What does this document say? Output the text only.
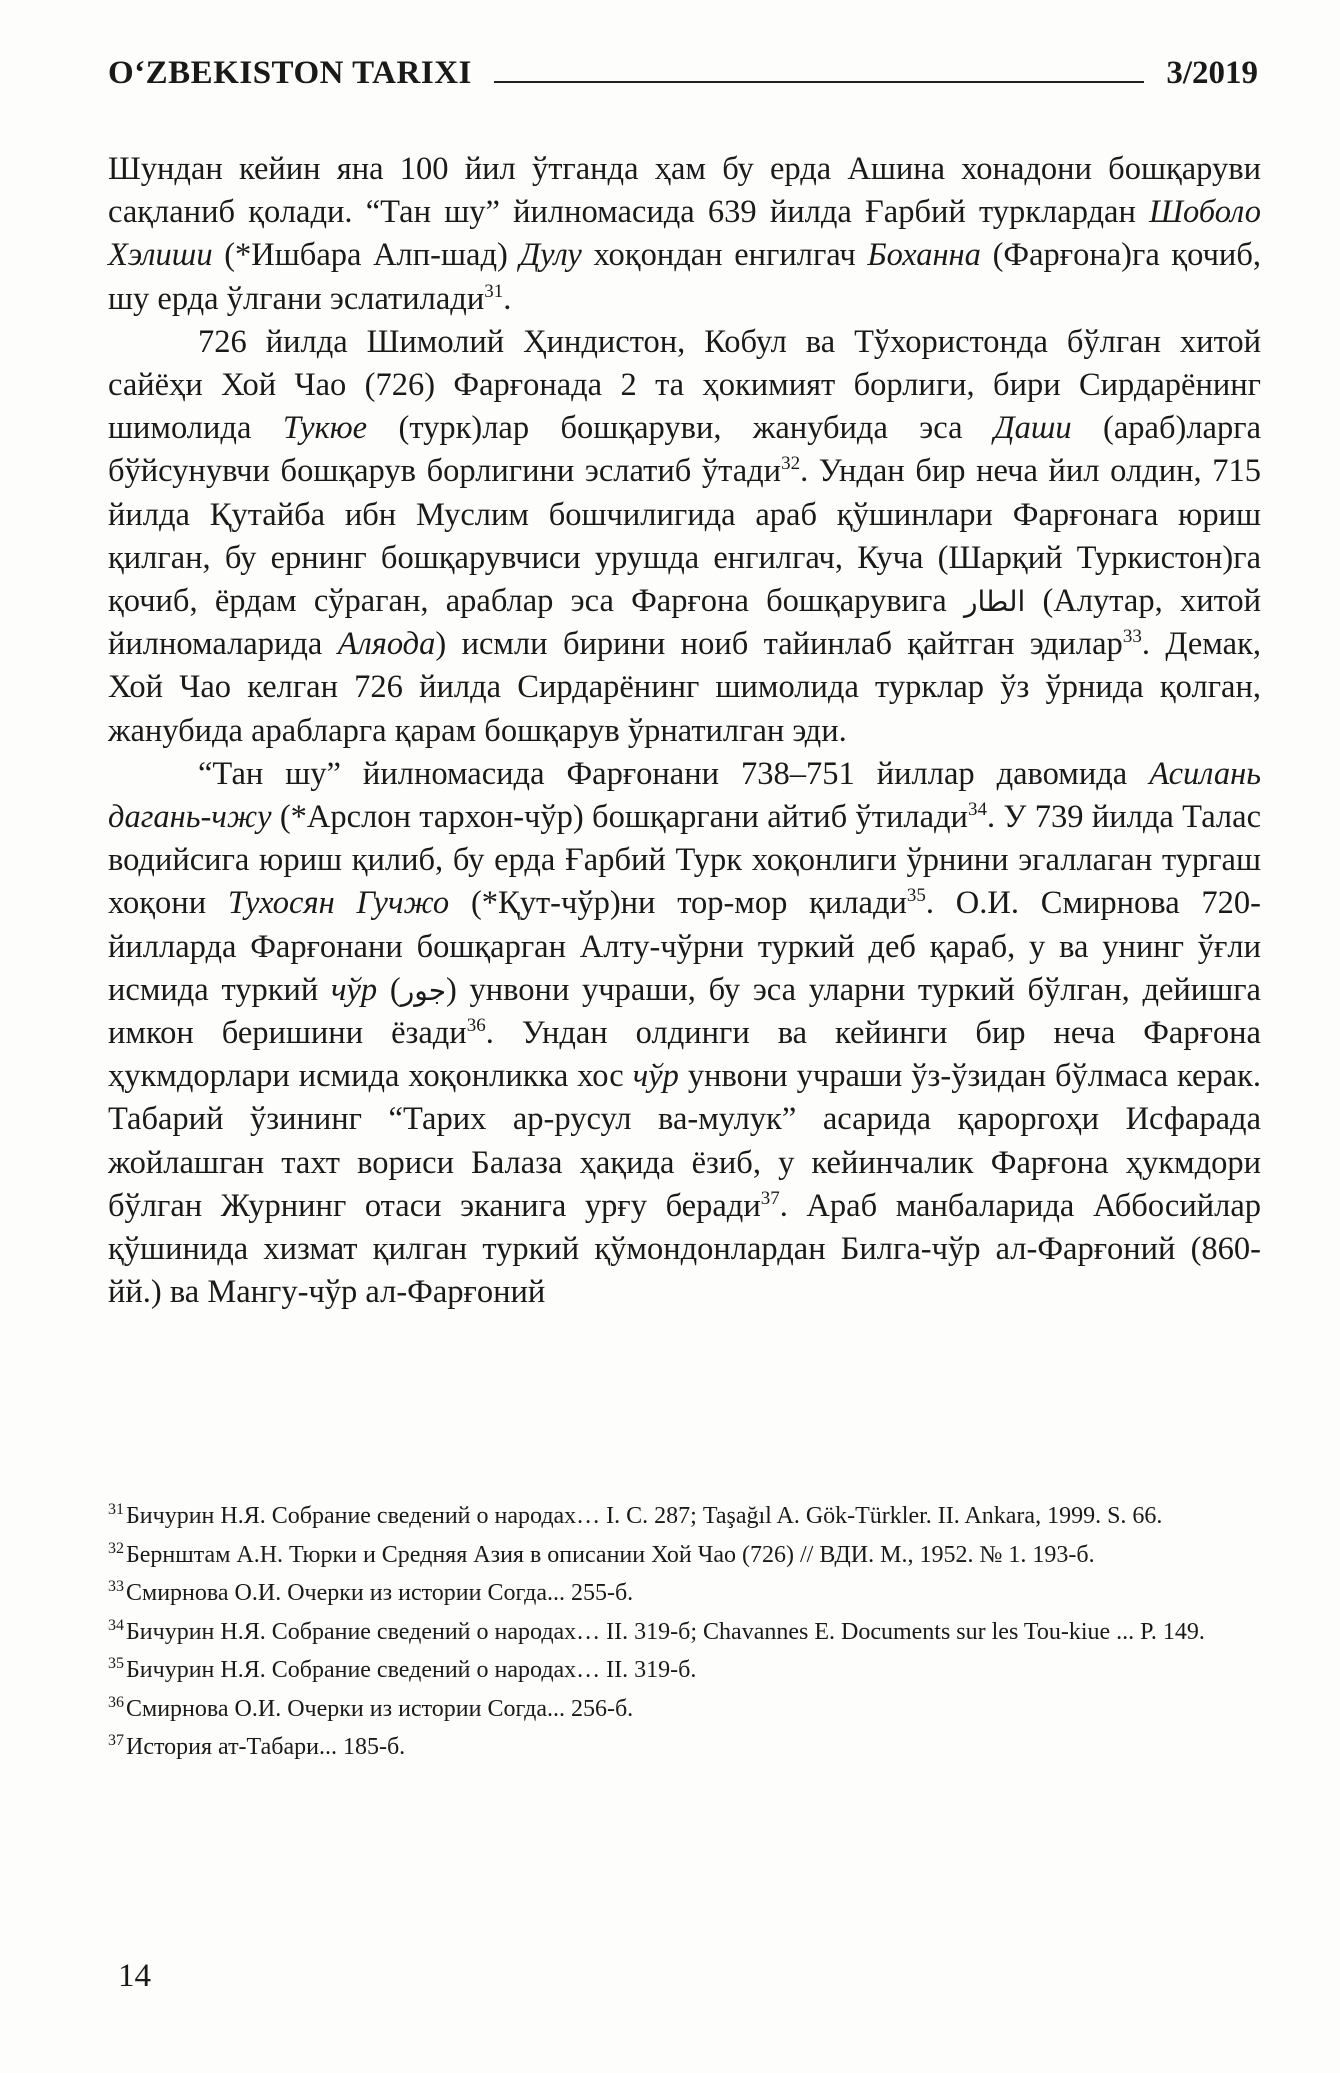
O‘ZBEKISTON TARIXI	3/2019

Шундан кейин яна 100 йил ўтганда ҳам бу ерда Ашина хонадони бошқаруви сақланиб қолади. “Тан шу” йилномасида 639 йилда Ғарбий турклардан Шоболо Хэлиши (*Ишбара Алп-шад) Дулу хоқондан енгилгач Боханна (Фарғона)га қочиб, шу ерда ўлгани эслатилади$^{31}$.

726 йилда Шимолий Ҳиндистон, Кобул ва Тўхористонда бўлган хитой сайёҳи Хой Чао (726) Фарғонада 2 та ҳокимият борлиги, бири Сирдарёнинг шимолида Тукюе (турк)лар бошқаруви, жанубида эса Даши (араб)ларга бўйсунувчи бошқарув борлигини эслатиб ўтади$^{32}$. Ундан бир неча йил олдин, 715 йилда Қутайба ибн Муслим бошчилигида араб қўшинлари Фарғонага юриш қилган, бу ернинг бошқарувчиси урушда енгилгач, Куча (Шарқий Туркистон)га қочиб, ёрдам сўраган, араблар эса Фарғона бошқарувига الطار (Алутар, хитой йилномаларида Аляода) исмли бирини ноиб тайинлаб қайтган эдилар$^{33}$. Демак, Хой Чао келган 726 йилда Сирдарёнинг шимолида турклар ўз ўрнида қолган, жанубида арабларга қарам бошқарув ўрнатилган эди.

“Тан шу” йилномасида Фарғонани 738–751 йиллар давомида Асилань дагань-чжу (*Арслон тархон-чўр) бошқаргани айтиб ўтилади$^{34}$. У 739 йилда Талас водийсига юриш қилиб, бу ерда Ғарбий Турк хоқонлиги ўрнини эгаллаган тургаш хоқони Тухосян Гучжо (*Қут-чўр)ни тор-мор қилади$^{35}$. О.И. Смирнова 720- йилларда Фарғонани бошқарган Алту-чўрни туркий деб қараб, у ва унинг ўғли исмида туркий чўр (جور) унвони учраши, бу эса уларни туркий бўлган, дейишга имкон беришини ёзади$^{36}$. Ундан олдинги ва кейинги бир неча Фарғона ҳукмдорлари исмида хоқонликка хос чўр унвони учраши ўз-ўзидан бўлмаса керак. Табарий ўзининг “Тарих ар-русул ва-мулук” асарида қароргоҳи Исфарада жойлашган тахт вориси Балаза ҳақида ёзиб, у кейинчалик Фарғона ҳукмдори бўлган Журнинг отаси эканига урғу беради$^{37}$. Араб манбаларида Аббосийлар қўшинида хизмат қилган туркий қўмондонлардан Билга-чўр ал-Фарғоний (860-йй.) ва Мангу-чўр ал-Фарғоний

$^{31}$Бичурин Н.Я. Собрание сведений о народах… I. С. 287; Taşağıl A. Gök-Türkler. II. Ankara, 1999. S. 66.
$^{32}$Бернштам А.Н. Тюрки и Средняя Азия в описании Хой Чао (726) // ВДИ. М., 1952. № 1. 193-б.
$^{33}$Смирнова О.И. Очерки из истории Согда... 255-б.
$^{34}$Бичурин Н.Я. Собрание сведений о народах… II. 319-б; Chavannes E. Documents sur les Tou-kiue ... P. 149.
$^{35}$Бичурин Н.Я. Собрание сведений о народах… II. 319-б.
$^{36}$Смирнова О.И. Очерки из истории Согда... 256-б.
$^{37}$История ат-Табари... 185-б.
14
